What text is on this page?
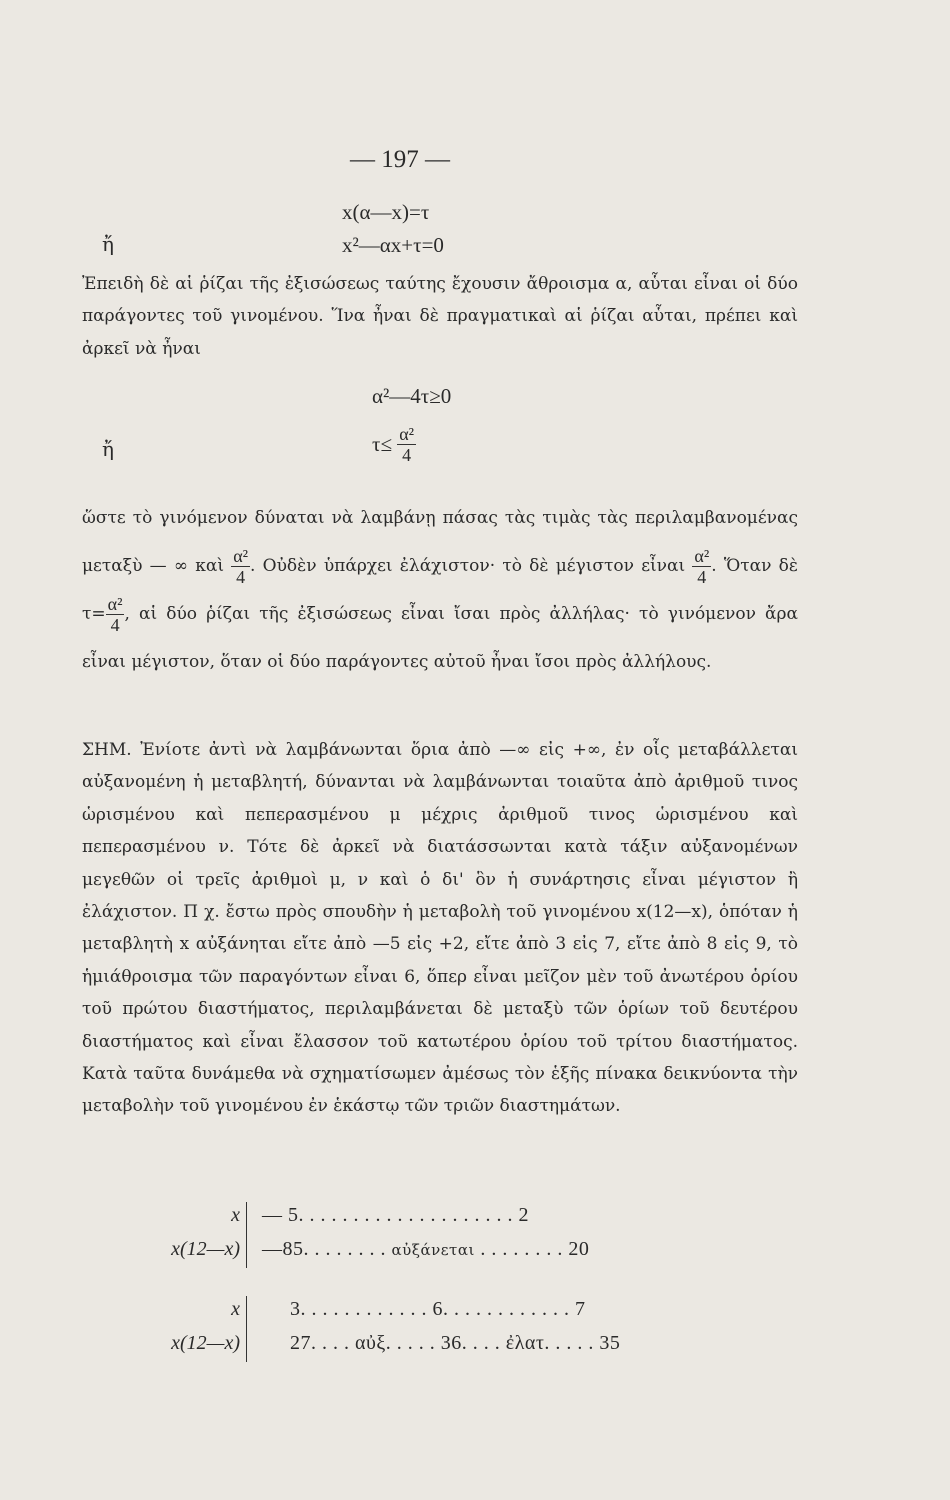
— 197 —
x(α—x)=τ
ἤ	x²—αx+τ=0

Ἐπειδὴ δὲ αἱ ῥίζαι τῆς ἐξισώσεως ταύτης ἔχουσιν ἄθροισμα α, αὗται εἶναι οἱ δύο παράγοντες τοῦ γινομένου. Ἵνα ἦναι δὲ πραγματικαὶ αἱ ῥίζαι αὗται, πρέπει καὶ ἀρκεῖ νὰ ἦναι

α²—4τ≥0
ἤ	$\tau\le \frac{\text{α²}}{4}$

ὥστε τὸ γινόμενον δύναται νὰ λαμβάνῃ πάσας τὰς τιμὰς τὰς περιλαμβανομένας μεταξὺ — ∞ καὶ $\frac{\text{α²}}{4}$ . Οὐδὲν ὑπάρχει ἐλάχιστον· τὸ δὲ μέγιστον εἶναι $\frac{\text{α²}}{4}$ . Ὅταν δὲ $\tau= \frac{\text{α²}}{4}$ , αἱ δύο ῥίζαι τῆς ἐξισώσεως εἶναι ἴσαι πρὸς ἀλλήλας· τὸ γινόμενον ἄρα εἶναι μέγιστον, ὅταν οἱ δύο παράγοντες αὐτοῦ ἦναι ἴσοι πρὸς ἀλλήλους.

ΣΗΜ. Ἐνίοτε ἀντὶ νὰ λαμβάνωνται ὅρια ἀπὸ —∞ εἰς +∞, ἐν οἷς μεταβάλλεται αὐξανομένη ἡ μεταβλητή, δύνανται νὰ λαμβάνωνται τοιαῦτα ἀπὸ ἀριθμοῦ τινος ὡρισμένου καὶ πεπερασμένου μ μέχρις ἀριθμοῦ τινος ὡρισμένου καὶ πεπερασμένου ν. Τότε δὲ ἀρκεῖ νὰ διατάσσωνται κατὰ τάξιν αὐξανομένων μεγεθῶν οἱ τρεῖς ἀριθμοὶ μ, ν καὶ ὁ δι' ὃν ἡ συνάρτησις εἶναι μέγιστον ἢ ἐλάχιστον. Π χ. ἔστω πρὸς σπουδὴν ἡ μεταβολὴ τοῦ γινομένου x(12—x), ὁπόταν ἡ μεταβλητὴ x αὐξάνηται εἴτε ἀπὸ —5 εἰς +2, εἴτε ἀπὸ 3 εἰς 7, εἴτε ἀπὸ 8 εἰς 9, τὸ ἡμιάθροισμα τῶν παραγόντων εἶναι 6, ὅπερ εἶναι μεῖζον μὲν τοῦ ἀνωτέρου ὁρίου τοῦ πρώτου διαστήματος, περιλαμβάνεται δὲ μεταξὺ τῶν ὁρίων τοῦ δευτέρου διαστήματος καὶ εἶναι ἔλασσον τοῦ κατωτέρου ὁρίου τοῦ τρίτου διαστήματος. Κατὰ ταῦτα δυνάμεθα νὰ σχηματίσωμεν ἀμέσως τὸν ἑξῆς πίνακα δεικνύοντα τὴν μεταβολὴν τοῦ γινομένου ἐν ἑκάστῳ τῶν τριῶν διαστημάτων.

x
x(12—x)
— 5. . . . . . . . . . . . . . . . . . . . 2
—85. . . . . . . . αὐξάνεται . . . . . . . . 20
x
x(12—x)
3. . . . . . . . . . . . 6. . . . . . . . . . . . 7
27. . . . αὐξ. . . . . 36. . . . ἐλατ. . . . . 35
